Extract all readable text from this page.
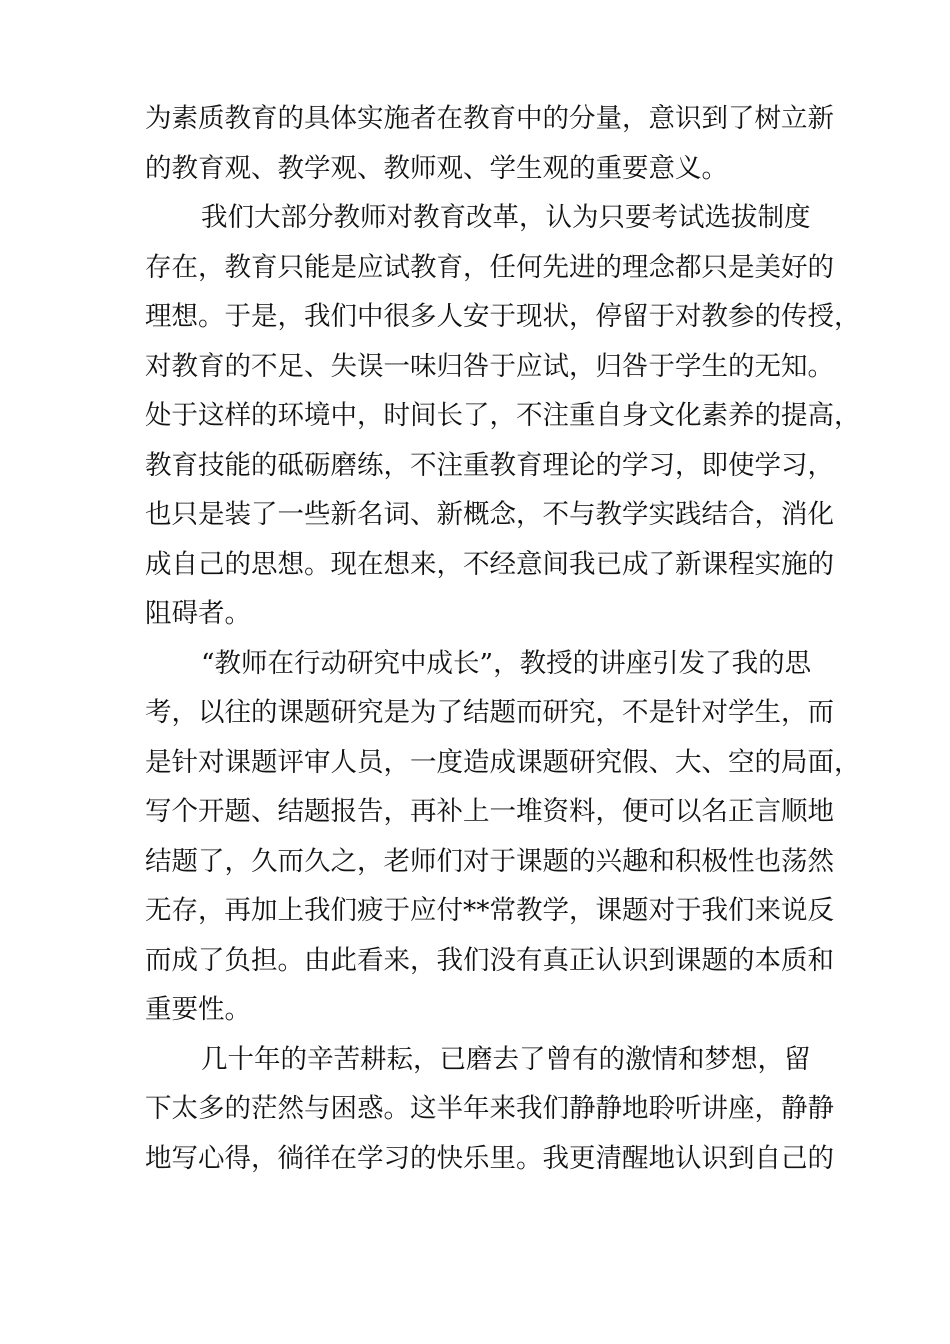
为素质教育的具体实施者在教育中的分量，意识到了树立新
的教育观、教学观、教师观、学生观的重要意义。
我们大部分教师对教育改革，认为只要考试选拔制度
存在，教育只能是应试教育，任何先进的理念都只是美好的
理想。于是，我们中很多人安于现状，停留于对教参的传授，
对教育的不足、失误一味归咎于应试，归咎于学生的无知。
处于这样的环境中，时间长了，不注重自身文化素养的提高，
教育技能的砥砺磨练，不注重教育理论的学习，即使学习，
也只是装了一些新名词、新概念，不与教学实践结合，消化
成自己的思想。现在想来，不经意间我已成了新课程实施的
阻碍者。
“教师在行动研究中成长”，教授的讲座引发了我的思
考，以往的课题研究是为了结题而研究，不是针对学生，而
是针对课题评审人员，一度造成课题研究假、大、空的局面，
写个开题、结题报告，再补上一堆资料，便可以名正言顺地
结题了，久而久之，老师们对于课题的兴趣和积极性也荡然
无存，再加上我们疲于应付**常教学，课题对于我们来说反
而成了负担。由此看来，我们没有真正认识到课题的本质和
重要性。
几十年的辛苦耕耘，已磨去了曾有的激情和梦想，留
下太多的茫然与困惑。这半年来我们静静地聆听讲座，静静
地写心得，徜徉在学习的快乐里。我更清醒地认识到自己的
